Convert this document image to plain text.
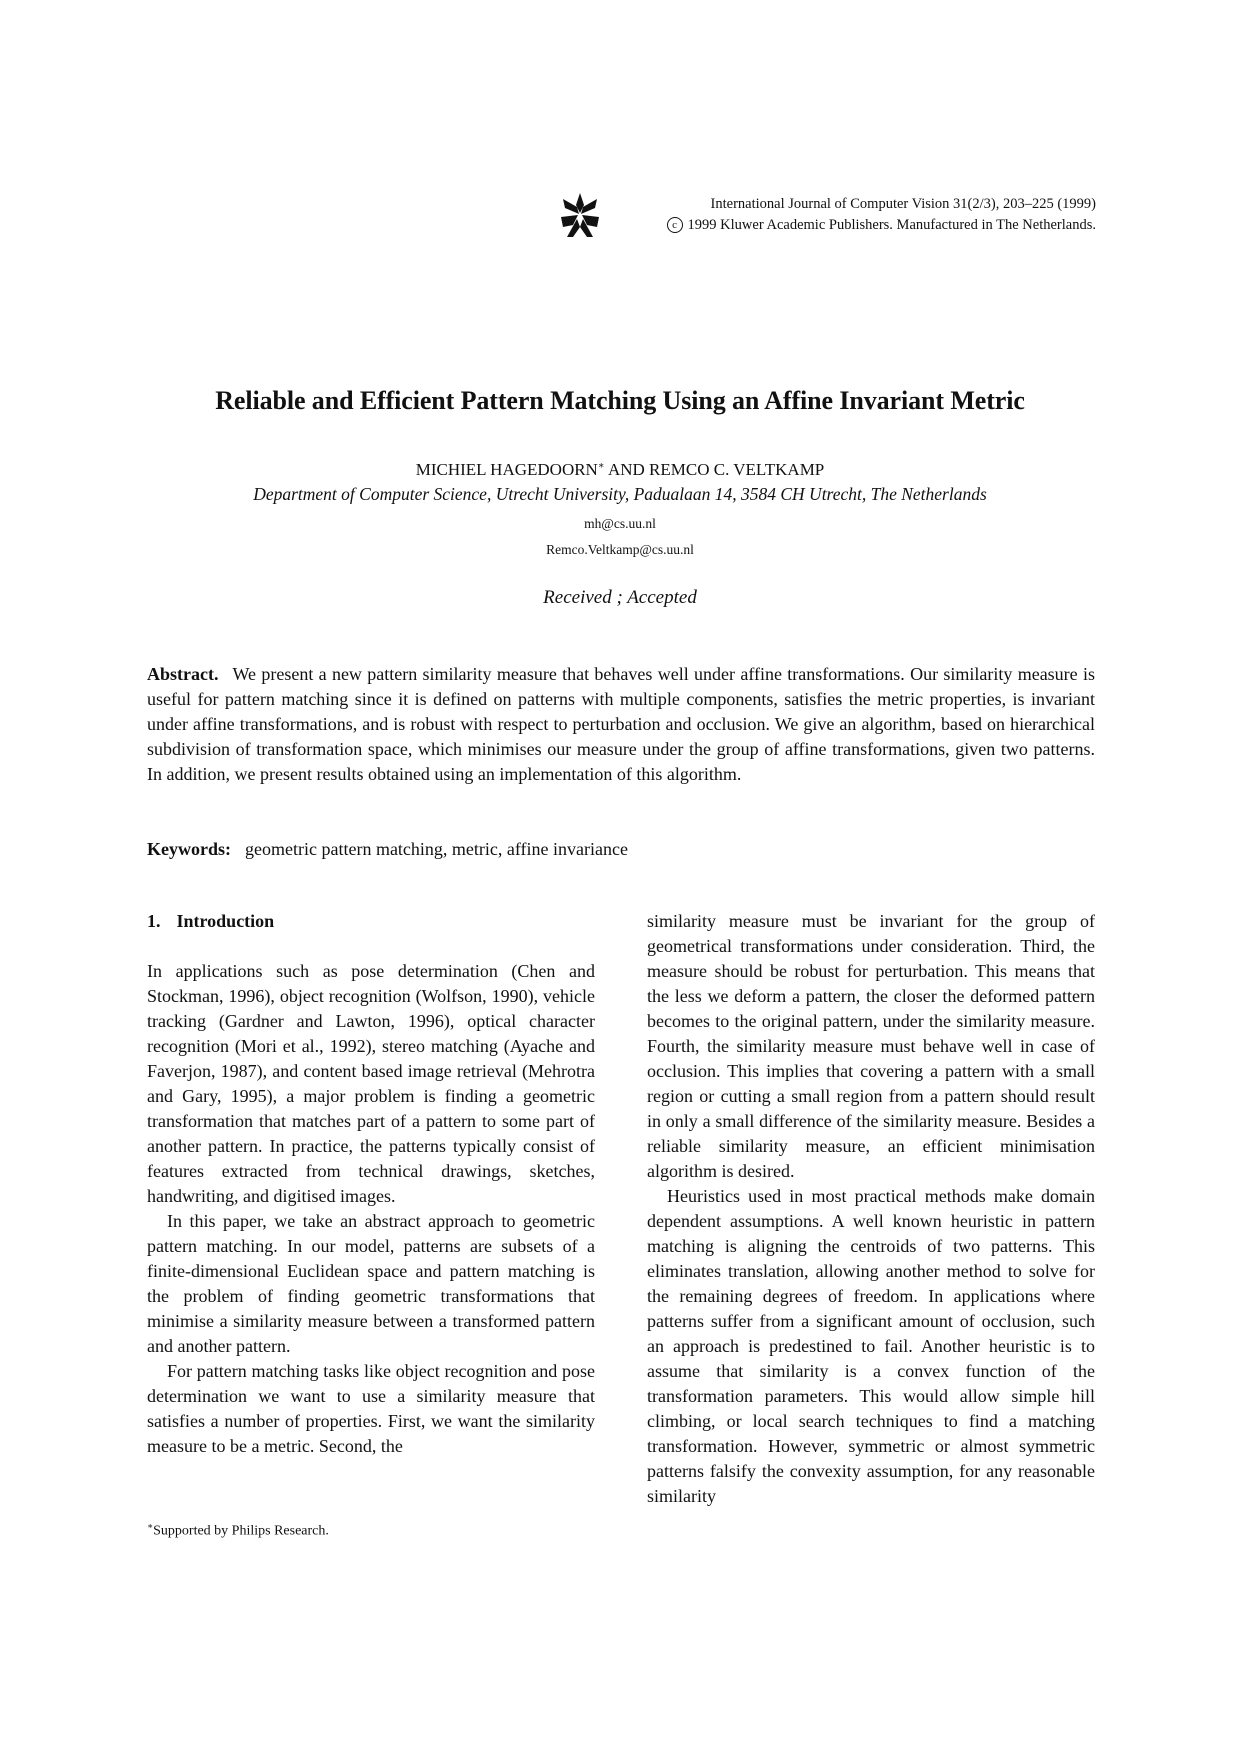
International Journal of Computer Vision 31(2/3), 203–225 (1999)
c 1999 Kluwer Academic Publishers. Manufactured in The Netherlands.
Reliable and Efficient Pattern Matching Using an Affine Invariant Metric
MICHIEL HAGEDOORN∗ AND REMCO C. VELTKAMP
Department of Computer Science, Utrecht University, Padualaan 14, 3584 CH Utrecht, The Netherlands
mh@cs.uu.nl
Remco.Veltkamp@cs.uu.nl
Received ; Accepted
Abstract. We present a new pattern similarity measure that behaves well under affine transformations. Our similarity measure is useful for pattern matching since it is defined on patterns with multiple components, satisfies the metric properties, is invariant under affine transformations, and is robust with respect to perturbation and occlusion. We give an algorithm, based on hierarchical subdivision of transformation space, which minimises our measure under the group of affine transformations, given two patterns. In addition, we present results obtained using an implementation of this algorithm.
Keywords: geometric pattern matching, metric, affine invariance
1. Introduction

In applications such as pose determination (Chen and Stockman, 1996), object recognition (Wolfson, 1990), vehicle tracking (Gardner and Lawton, 1996), optical character recognition (Mori et al., 1992), stereo matching (Ayache and Faverjon, 1987), and content based image retrieval (Mehrotra and Gary, 1995), a major problem is finding a geometric transformation that matches part of a pattern to some part of another pattern. In practice, the patterns typically consist of features extracted from technical drawings, sketches, handwriting, and digitised images.

In this paper, we take an abstract approach to geometric pattern matching. In our model, patterns are subsets of a finite-dimensional Euclidean space and pattern matching is the problem of finding geometric transformations that minimise a similarity measure between a transformed pattern and another pattern.

For pattern matching tasks like object recognition and pose determination we want to use a similarity measure that satisfies a number of properties. First, we want the similarity measure to be a metric. Second, the

similarity measure must be invariant for the group of geometrical transformations under consideration. Third, the measure should be robust for perturbation. This means that the less we deform a pattern, the closer the deformed pattern becomes to the original pattern, under the similarity measure. Fourth, the similarity measure must behave well in case of occlusion. This implies that covering a pattern with a small region or cutting a small region from a pattern should result in only a small difference of the similarity measure. Besides a reliable similarity measure, an efficient minimisation algorithm is desired.

Heuristics used in most practical methods make domain dependent assumptions. A well known heuristic in pattern matching is aligning the centroids of two patterns. This eliminates translation, allowing another method to solve for the remaining degrees of freedom. In applications where patterns suffer from a significant amount of occlusion, such an approach is predestined to fail. Another heuristic is to assume that similarity is a convex function of the transformation parameters. This would allow simple hill climbing, or local search techniques to find a matching transformation. However, symmetric or almost symmetric patterns falsify the convexity assumption, for any reasonable similarity

∗Supported by Philips Research.
